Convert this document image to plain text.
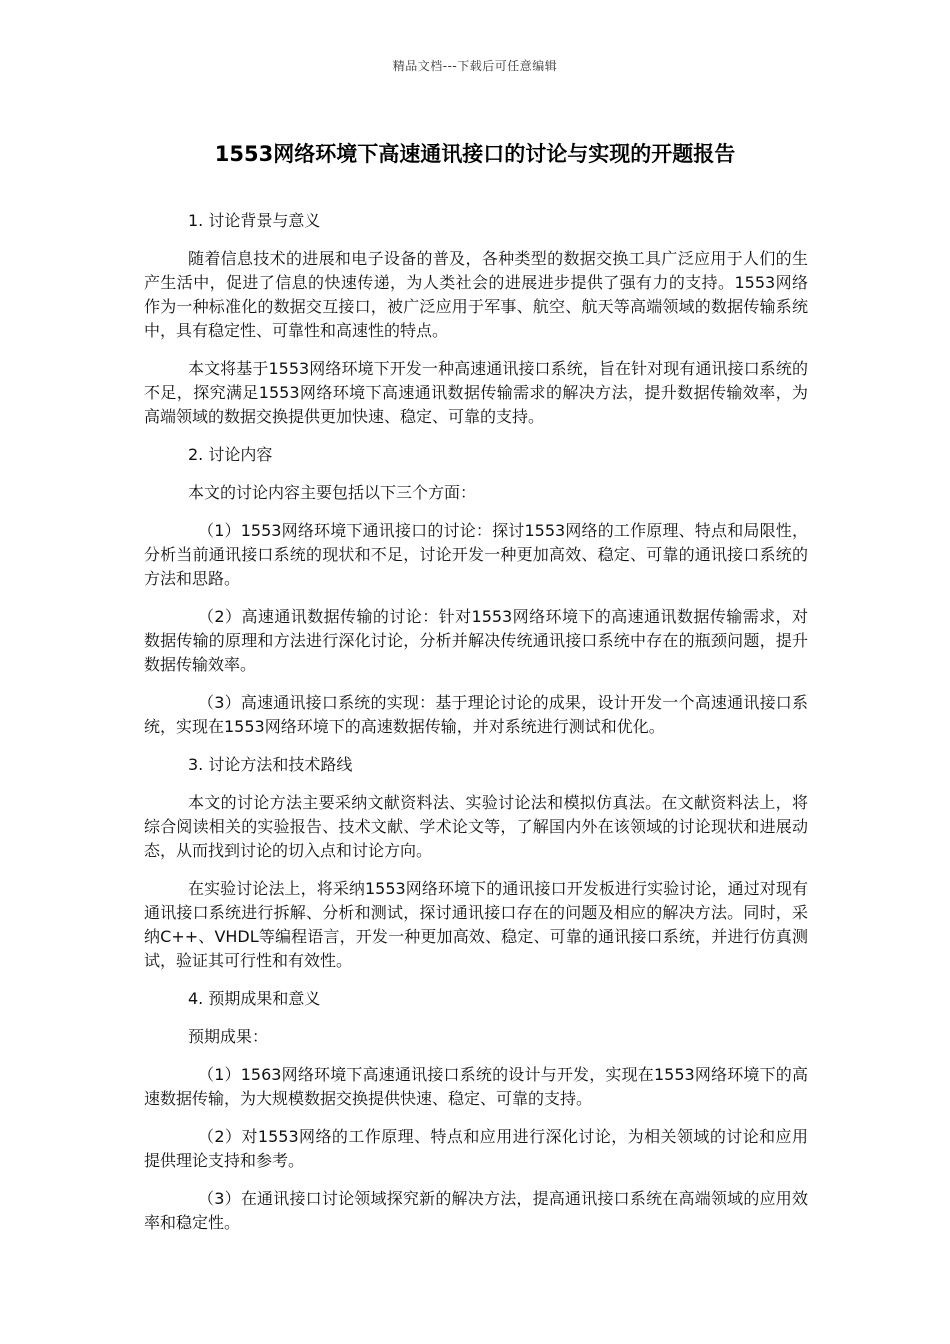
精品文档---下载后可任意编辑
1553网络环境下高速通讯接口的讨论与实现的开题报告

1. 讨论背景与意义

随着信息技术的进展和电子设备的普及，各种类型的数据交换工具广泛应用于人们的生产生活中，促进了信息的快速传递，为人类社会的进展进步提供了强有力的支持。1553网络作为一种标准化的数据交互接口，被广泛应用于军事、航空、航天等高端领域的数据传输系统中，具有稳定性、可靠性和高速性的特点。

本文将基于1553网络环境下开发一种高速通讯接口系统，旨在针对现有通讯接口系统的不足，探究满足1553网络环境下高速通讯数据传输需求的解决方法，提升数据传输效率，为高端领域的数据交换提供更加快速、稳定、可靠的支持。

2. 讨论内容

本文的讨论内容主要包括以下三个方面：

（1）1553网络环境下通讯接口的讨论：探讨1553网络的工作原理、特点和局限性，分析当前通讯接口系统的现状和不足，讨论开发一种更加高效、稳定、可靠的通讯接口系统的方法和思路。

（2）高速通讯数据传输的讨论：针对1553网络环境下的高速通讯数据传输需求，对数据传输的原理和方法进行深化讨论，分析并解决传统通讯接口系统中存在的瓶颈问题，提升数据传输效率。

（3）高速通讯接口系统的实现：基于理论讨论的成果，设计开发一个高速通讯接口系统，实现在1553网络环境下的高速数据传输，并对系统进行测试和优化。

3. 讨论方法和技术路线

本文的讨论方法主要采纳文献资料法、实验讨论法和模拟仿真法。在文献资料法上，将综合阅读相关的实验报告、技术文献、学术论文等，了解国内外在该领域的讨论现状和进展动态，从而找到讨论的切入点和讨论方向。

在实验讨论法上，将采纳1553网络环境下的通讯接口开发板进行实验讨论，通过对现有通讯接口系统进行拆解、分析和测试，探讨通讯接口存在的问题及相应的解决方法。同时，采纳C++、VHDL等编程语言，开发一种更加高效、稳定、可靠的通讯接口系统，并进行仿真测试，验证其可行性和有效性。

4. 预期成果和意义

预期成果：

（1）1563网络环境下高速通讯接口系统的设计与开发，实现在1553网络环境下的高速数据传输，为大规模数据交换提供快速、稳定、可靠的支持。

（2）对1553网络的工作原理、特点和应用进行深化讨论，为相关领域的讨论和应用提供理论支持和参考。

（3）在通讯接口讨论领域探究新的解决方法，提高通讯接口系统在高端领域的应用效率和稳定性。
